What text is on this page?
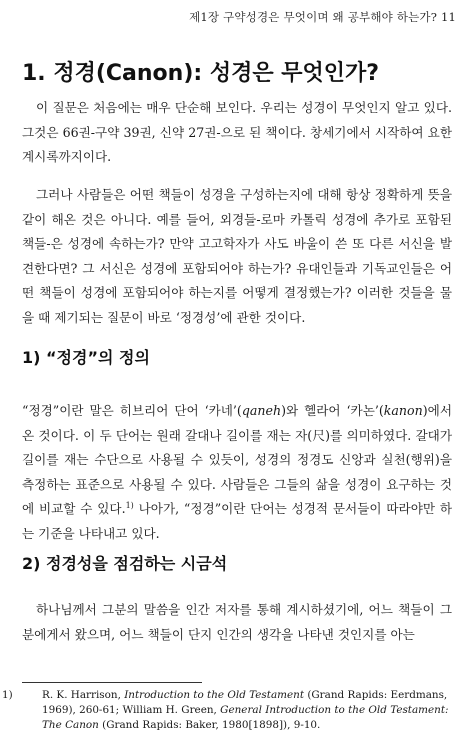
제1장 구약성경은 무엇이며 왜 공부해야 하는가? 11
1. 정경(Canon): 성경은 무엇인가?

이 질문은 처음에는 매우 단순해 보인다. 우리는 성경이 무엇인지 알고 있다. 그것은 66권-구약 39권, 신약 27권-으로 된 책이다. 창세기에서 시작하여 요한계시록까지이다.

그러나 사람들은 어떤 책들이 성경을 구성하는지에 대해 항상 정확하게 뜻을 같이 해온 것은 아니다. 예를 들어, 외경들-로마 카톨릭 성경에 추가로 포함된 책들-은 성경에 속하는가? 만약 고고학자가 사도 바울이 쓴 또 다른 서신을 발견한다면? 그 서신은 성경에 포함되어야 하는가? 유대인들과 기독교인들은 어떤 책들이 성경에 포함되어야 하는지를 어떻게 결정했는가? 이러한 것들을 물을 때 제기되는 질문이 바로 ‘정경성’에 관한 것이다.

1) “정경”의 정의

“정경”이란 말은 히브리어 단어 ‘카네’(qaneh)와 헬라어 ‘카논’(kanon)에서 온 것이다. 이 두 단어는 원래 갈대나 길이를 재는 자(尺)를 의미하였다. 갈대가 길이를 재는 수단으로 사용될 수 있듯이, 성경의 정경도 신앙과 실천(행위)을 측정하는 표준으로 사용될 수 있다. 사람들은 그들의 삶을 성경이 요구하는 것에 비교할 수 있다.$^{1)}$ 나아가, “정경”이란 단어는 성경적 문서들이 따라야만 하는 기준을 나타내고 있다.

2) 정경성을 점검하는 시금석

하나님께서 그분의 말씀을 인간 저자를 통해 계시하셨기에, 어느 책들이 그분에게서 왔으며, 어느 책들이 단지 인간의 생각을 나타낸 것인지를 아는

1)	R. K. Harrison, Introduction to the Old Testament (Grand Rapids: Eerdmans, 1969), 260-61; William H. Green, General Introduction to the Old Testament: The Canon (Grand Rapids: Baker, 1980[1898]), 9-10.
